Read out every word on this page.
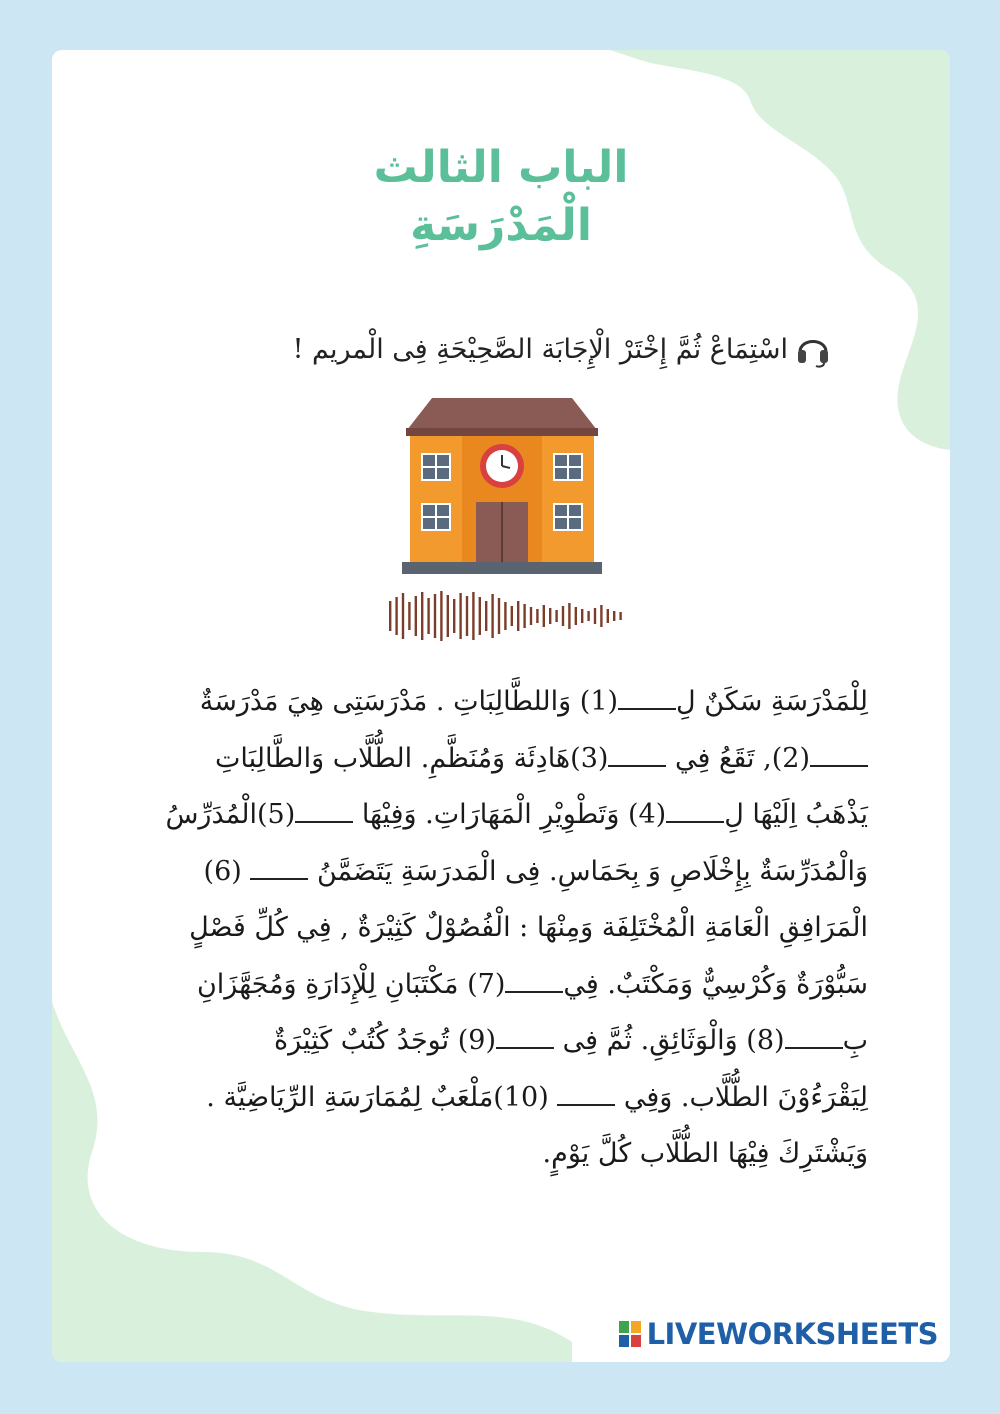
الباب الثالث
الْمَدْرَسَةِ
اسْتِمَاعْ ثُمَّ إِخْتَرْ الْإِجَابَة الصَّحِيْحَةِ فِى الْمريم !
لِلْمَدْرَسَةِ سَكَنٌ لِ(1) وَاللطَّالِبَاتِ . مَدْرَسَتِى هِيَ مَدْرَسَةٌ
(2), تَقَعُ فِي (3)هَادِئَة وَمُنَظَّمِ. الطُّلَّاب وَالطَّالِبَاتِ
يَذْهَبُ اِلَيْهَا لِ(4) وَتَطْوِيْرِ الْمَهَارَاتِ. وَفِيْهَا (5)الْمُدَرِّسُ
وَالْمُدَرِّسَةٌ بِإِخْلَاصِ وَ بِحَمَاسِ. فِى الْمَدرَسَةِ يَتَضَمَّنُ  (6)
الْمَرَافِقِ الْعَامَةِ الْمُخْتَلِفَة وَمِنْهَا : الْفُصُوْلٌ كَثِيْرَةٌ , فِي كُلِّ فَصْلٍ
سَبُّوْرَةٌ وَكُرْسِيٌّ وَمَكْتَبٌ. فِي(7) مَكْتَبَانِ لِلْإِدَارَةِ وَمُجَهَّزَانِ
بِ(8) وَالْوَثَائِقِ. ثُمَّ فِى (9) تُوجَدُ كُتُبٌ كَثِيْرَةٌ
لِيَقْرَءُوْنَ الطُّلَّاب. وَفِي  (10)مَلْعَبٌ لِمُمَارَسَةِ الرِّيَاضِيَّة .
وَيَشْتَرِكَ فِيْهَا الطُّلَّاب كُلَّ يَوْمٍ.
LIVEWORKSHEETS
